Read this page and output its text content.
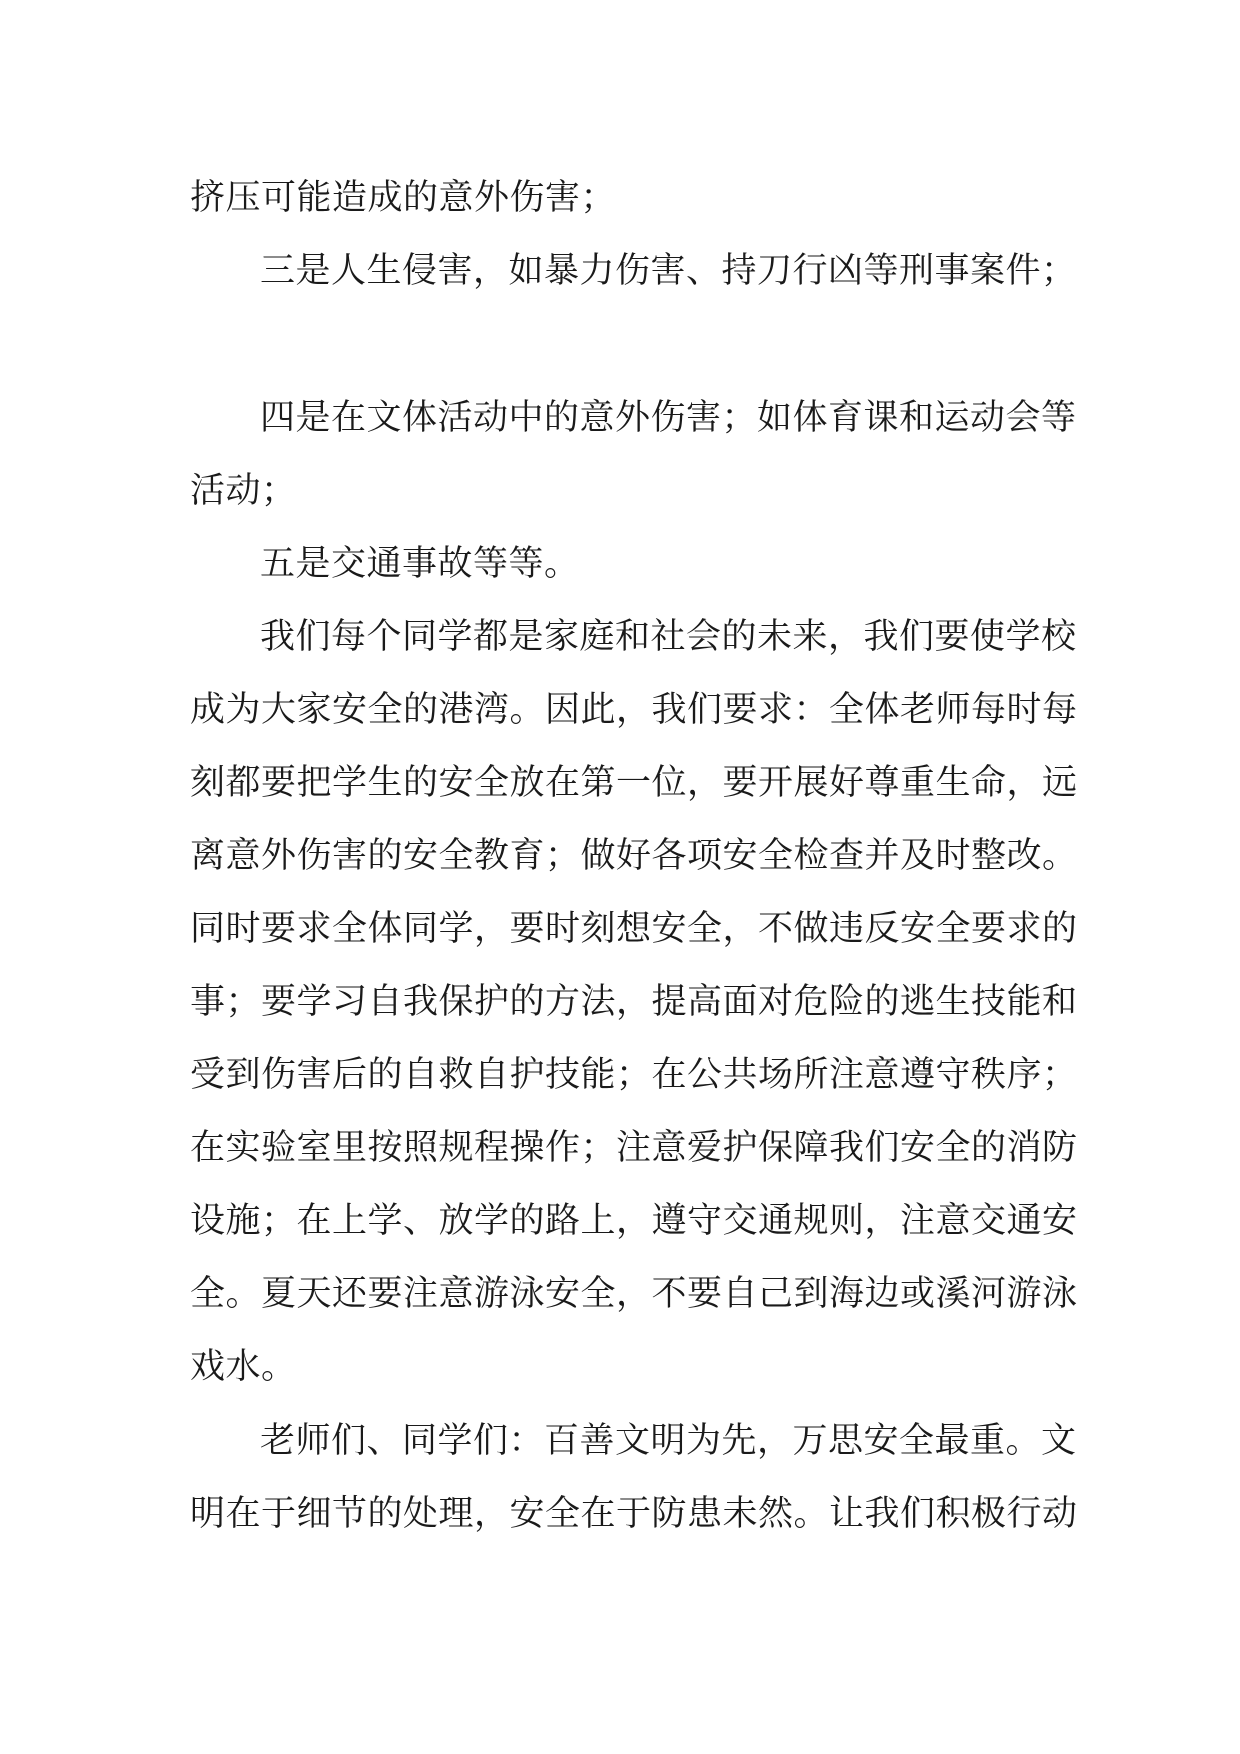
挤压可能造成的意外伤害；
三是人生侵害，如暴力伤害、持刀行凶等刑事案件；
四是在文体活动中的意外伤害；如体育课和运动会等
活动；
五是交通事故等等。
我们每个同学都是家庭和社会的未来，我们要使学校
成为大家安全的港湾。因此，我们要求：全体老师每时每
刻都要把学生的安全放在第一位，要开展好尊重生命，远
离意外伤害的安全教育；做好各项安全检查并及时整改。
同时要求全体同学，要时刻想安全，不做违反安全要求的
事；要学习自我保护的方法，提高面对危险的逃生技能和
受到伤害后的自救自护技能；在公共场所注意遵守秩序；
在实验室里按照规程操作；注意爱护保障我们安全的消防
设施；在上学、放学的路上，遵守交通规则，注意交通安
全。夏天还要注意游泳安全，不要自己到海边或溪河游泳
戏水。
老师们、同学们：百善文明为先，万思安全最重。文
明在于细节的处理，安全在于防患未然。让我们积极行动
